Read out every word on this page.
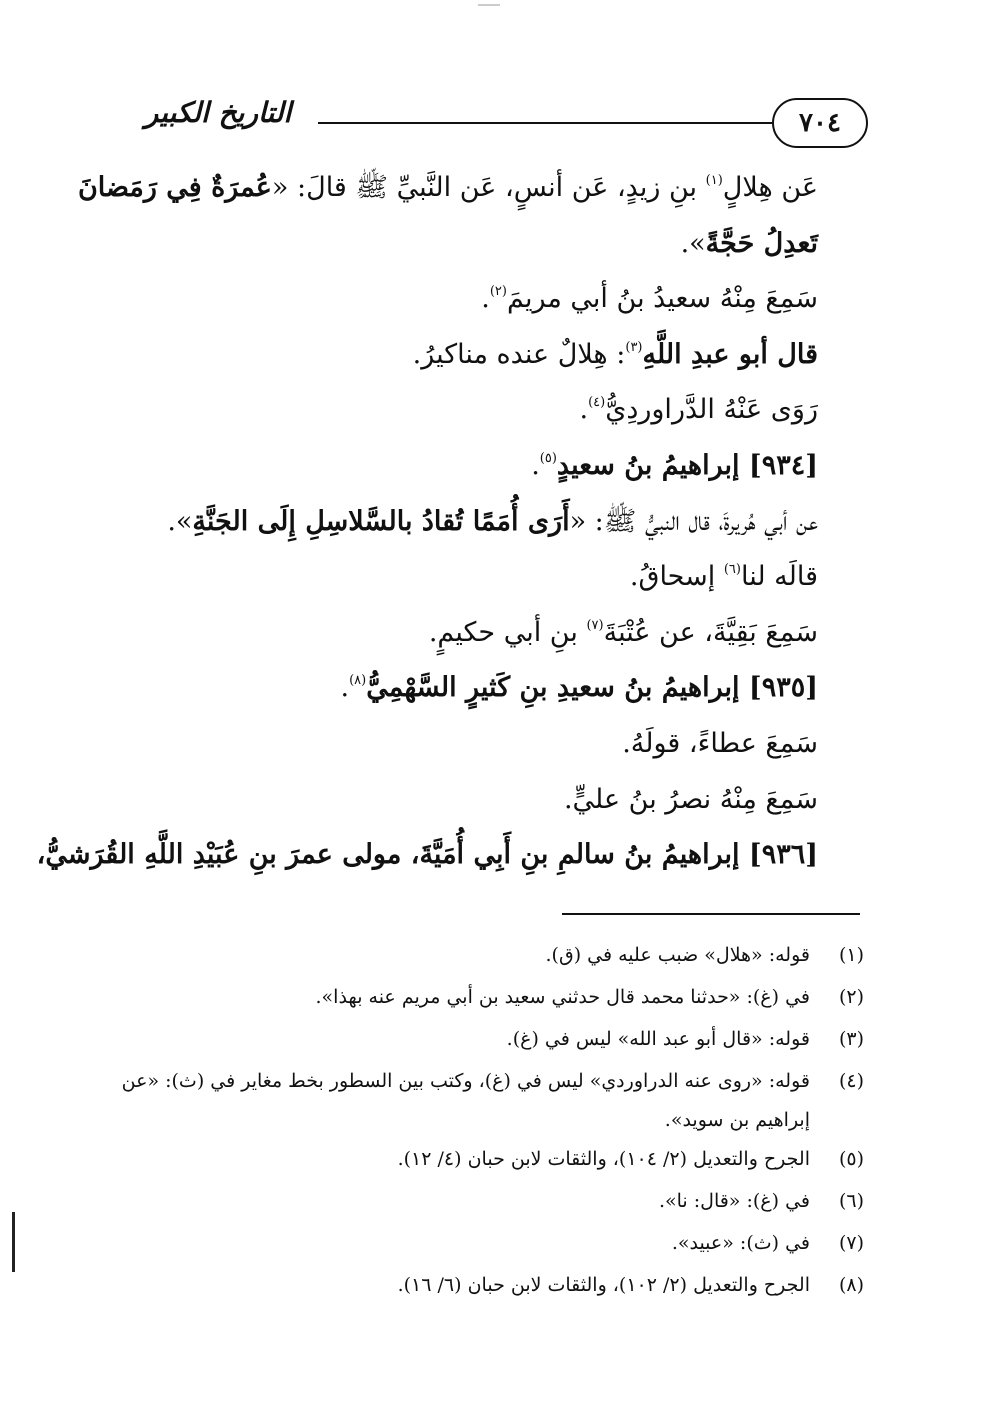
التاريخ الكبير	٧٠٤
عَن هِلالٍ$^{(١)}$ بنِ زيدٍ، عَن أنسٍ، عَن النَّبيِّ ﷺ قالَ: «عُمرَةٌ فِي رَمَضانَ
تَعدِلُ حَجَّةً».
سَمِعَ مِنْهُ سعيدُ بنُ أبي مريمَ$^{(٢)}$.
قال أبو عبدِ اللَّهِ$^{(٣)}$: هِلالٌ عنده مناكيرُ.
رَوَى عَنْهُ الدَّراوردِيُّ$^{(٤)}$.
[٩٣٤] إبراهيمُ بنُ سعيدٍ$^{(٥)}$.
عن أبي هُريرةَ، قال النبيُّ ﷺ: «أَرَى أُمَمًا تُقادُ بالسَّلاسِلِ إِلَى الجَنَّةِ».
قالَه لنا$^{(٦)}$ إسحاقُ.
سَمِعَ بَقِيَّةَ، عن عُتْبَةَ$^{(٧)}$ بنِ أبي حكيمٍ.
[٩٣٥] إبراهيمُ بنُ سعيدِ بنِ كَثيرٍ السَّهْمِيُّ$^{(٨)}$.
سَمِعَ عطاءً، قولَهُ.
سَمِعَ مِنْهُ نصرُ بنُ عليٍّ.
[٩٣٦] إبراهيمُ بنُ سالمِ بنِ أَبِي أُمَيَّةَ، مولى عمرَ بنِ عُبَيْدِ اللَّهِ القُرَشيُّ،
(١)قوله: «هلال» ضبب عليه في (ق).
(٢)في (غ): «حدثنا محمد قال حدثني سعيد بن أبي مريم عنه بهذا».
(٣)قوله: «قال أبو عبد الله» ليس في (غ).
(٤)قوله: «روى عنه الدراوردي» ليس في (غ)، وكتب بين السطور بخط مغاير في (ث): «عن
إبراهيم بن سويد».
(٥)الجرح والتعديل (٢/ ١٠٤)، والثقات لابن حبان (٤/ ١٢).
(٦)في (غ): «قال: نا».
(٧)في (ث): «عبيد».
(٨)الجرح والتعديل (٢/ ١٠٢)، والثقات لابن حبان (٦/ ١٦).
